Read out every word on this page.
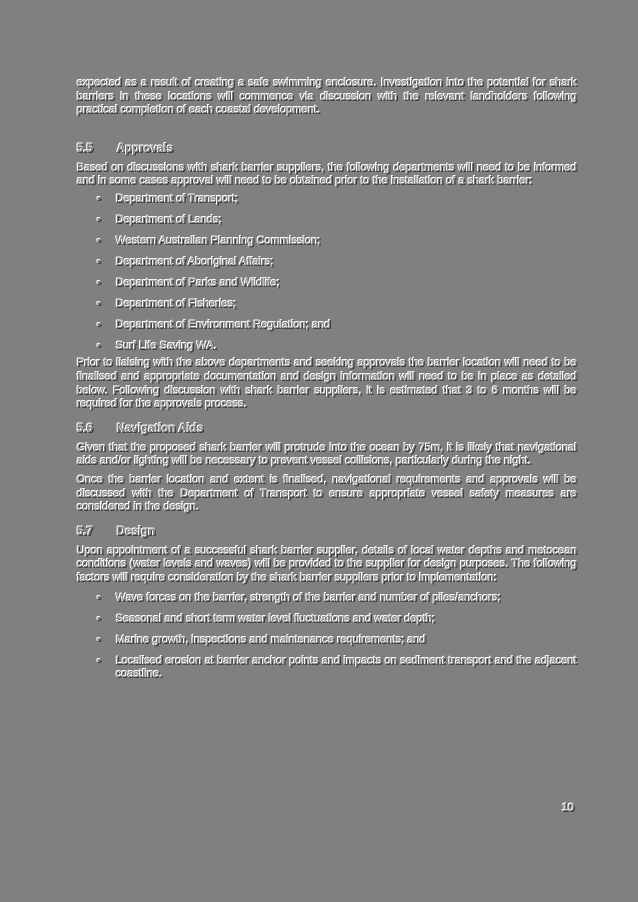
expected as a result of creating a safe swimming enclosure. Investigation into the potential for shark barriers in these locations will commence via discussion with the relevant landholders following practical completion of each coastal development.

5.5	Approvals

Based on discussions with shark barrier suppliers, the following departments will need to be informed and in some cases approval will need to be obtained prior to the installation of a shark barrier:

• Department of Transport;
• Department of Lands;
• Western Australian Planning Commission;
• Department of Aboriginal Affairs;
• Department of Parks and Wildlife;
• Department of Fisheries;
• Department of Environment Regulation; and
• Surf Life Saving WA.

Prior to liaising with the above departments and seeking approvals the barrier location will need to be finalised and appropriate documentation and design information will need to be in place as detailed below. Following discussion with shark barrier suppliers, it is estimated that 3 to 6 months will be required for the approvals process.

5.6	Navigation Aids

Given that the proposed shark barrier will protrude into the ocean by 75m, it is likely that navigational aids and/or lighting will be necessary to prevent vessel collisions, particularly during the night.

Once the barrier location and extent is finalised, navigational requirements and approvals will be discussed with the Department of Transport to ensure appropriate vessel safety measures are considered in the design.

5.7	Design

Upon appointment of a successful shark barrier supplier, details of local water depths and metocean conditions (water levels and waves) will be provided to the supplier for design purposes. The following factors will require consideration by the shark barrier suppliers prior to implementation:

• Wave forces on the barrier, strength of the barrier and number of piles/anchors;
• Seasonal and short term water level fluctuations and water depth;
• Marine growth, inspections and maintenance requirements; and
• Localised erosion at barrier anchor points and impacts on sediment transport and the adjacent coastline.
10
